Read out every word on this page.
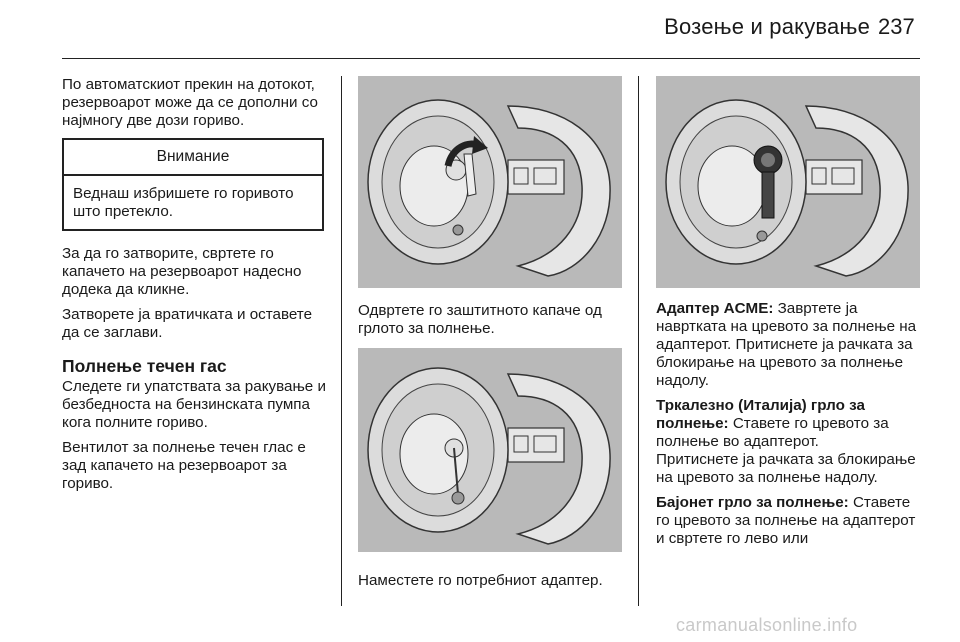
Возење и ракување 237

По автоматскиот прекин на дотокот, резервоарот може да се дополни со најмногу две дози гориво.

Внимание
Веднаш избришете го горивото што претекло.

За да го затворите, свртете го капачето на резервоарот надесно додека да кликне.

Затворете ја вратичката и оставете да се заглави.

Полнење течен гас

Следете ги упатствата за ракување и безбедноста на бензинската пумпа кога полните гориво.

Вентилот за полнење течен глас е зад капачето на резервоарот за гориво.

Одвртете го заштитното капаче од грлото за полнење.
Наместете го потребниот адаптер.

Адаптер ACME: Завртете ја навртката на цревото за полнење на адаптерот. Притиснете ја рачката за блокирање на цревото за полнење надолу.

Тркалезно (Италија) грло за полнење: Ставете го цревото за полнење во адаптерот.

Притиснете ја рачката за блокирање на цревото за полнење надолу.

Бајонет грло за полнење: Ставете го цревото за полнење на адаптерот и свртете го лево или

carmanualsonline.info
